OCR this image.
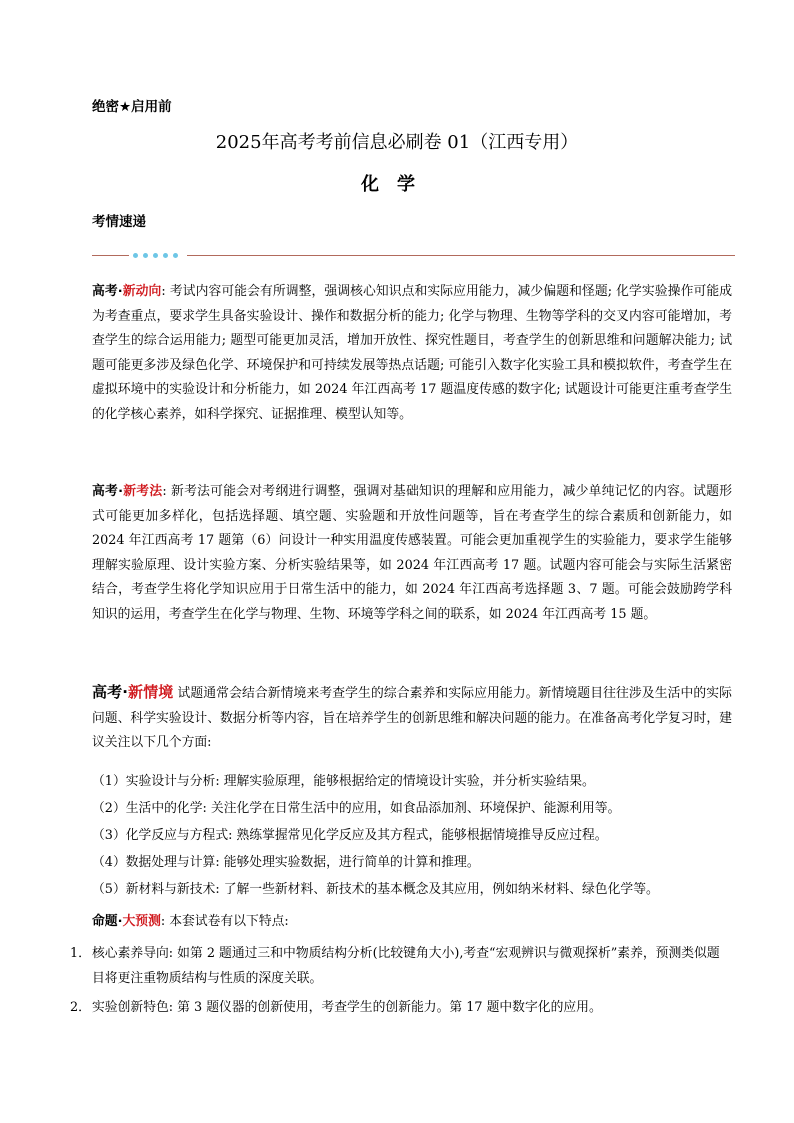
绝密★启用前
2025年高考考前信息必刷卷 01（江西专用）
化学
考情速递
高考·新动向: 考试内容可能会有所调整，强调核心知识点和实际应用能力，减少偏题和怪题; 化学实验操作可能成为考查重点，要求学生具备实验设计、操作和数据分析的能力; 化学与物理、生物等学科的交叉内容可能增加，考查学生的综合运用能力; 题型可能更加灵活，增加开放性、探究性题目，考查学生的创新思维和问题解决能力; 试题可能更多涉及绿色化学、环境保护和可持续发展等热点话题; 可能引入数字化实验工具和模拟软件，考查学生在虚拟环境中的实验设计和分析能力，如 2024 年江西高考 17 题温度传感的数字化; 试题设计可能更注重考查学生的化学核心素养，如科学探究、证据推理、模型认知等。
高考·新考法: 新考法可能会对考纲进行调整，强调对基础知识的理解和应用能力，减少单纯记忆的内容。试题形式可能更加多样化，包括选择题、填空题、实验题和开放性问题等，旨在考查学生的综合素质和创新能力，如 2024 年江西高考 17 题第（6）问设计一种实用温度传感装置。可能会更加重视学生的实验能力，要求学生能够理解实验原理、设计实验方案、分析实验结果等，如 2024 年江西高考 17 题。试题内容可能会与实际生活紧密结合，考查学生将化学知识应用于日常生活中的能力，如 2024 年江西高考选择题 3、7 题。可能会鼓励跨学科知识的运用，考查学生在化学与物理、生物、环境等学科之间的联系，如 2024 年江西高考 15 题。
高考·新情境 试题通常会结合新情境来考查学生的综合素养和实际应用能力。新情境题目往往涉及生活中的实际问题、科学实验设计、数据分析等内容，旨在培养学生的创新思维和解决问题的能力。在准备高考化学复习时，建议关注以下几个方面:
（1）实验设计与分析: 理解实验原理，能够根据给定的情境设计实验，并分析实验结果。
（2）生活中的化学: 关注化学在日常生活中的应用，如食品添加剂、环境保护、能源利用等。
（3）化学反应与方程式: 熟练掌握常见化学反应及其方程式，能够根据情境推导反应过程。
（4）数据处理与计算: 能够处理实验数据，进行简单的计算和推理。
（5）新材料与新技术: 了解一些新材料、新技术的基本概念及其应用，例如纳米材料、绿色化学等。
命题·大预测: 本套试卷有以下特点:
1． 核心素养导向: 如第 2 题通过三和中物质结构分析(比较键角大小),考查“宏观辨识与微观探析”素养，预测类似题目将更注重物质结构与性质的深度关联。
2． 实验创新特色: 第 3 题仪器的创新使用，考查学生的创新能力。第 17 题中数字化的应用。
